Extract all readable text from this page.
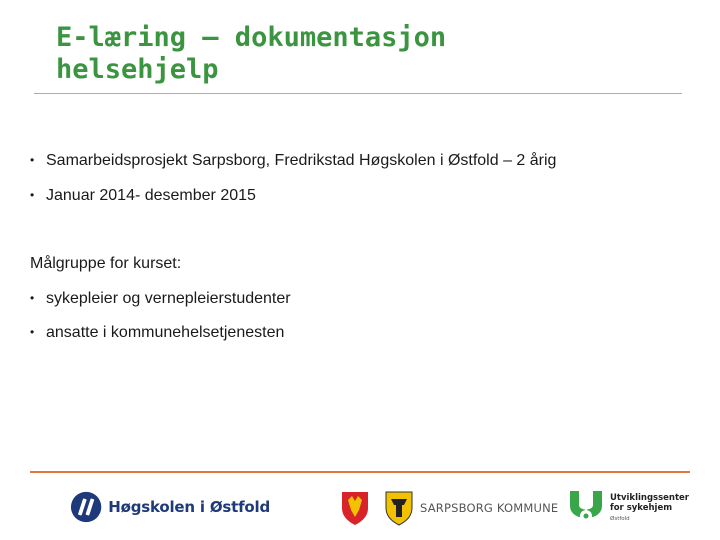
E-læring – dokumentasjon
helsehjelp
• Samarbeidsprosjekt Sarpsborg, Fredrikstad Høgskolen i Østfold – 2 årig
• Januar 2014- desember 2015
Målgruppe for kurset:
• sykepleier og vernepleierstudenter
• ansatte i kommunehelsetjenesten
Høgskolen i Østfold	SARPSBORG KOMMUNE
Utviklingssenter
for sykehjem
Østfold
